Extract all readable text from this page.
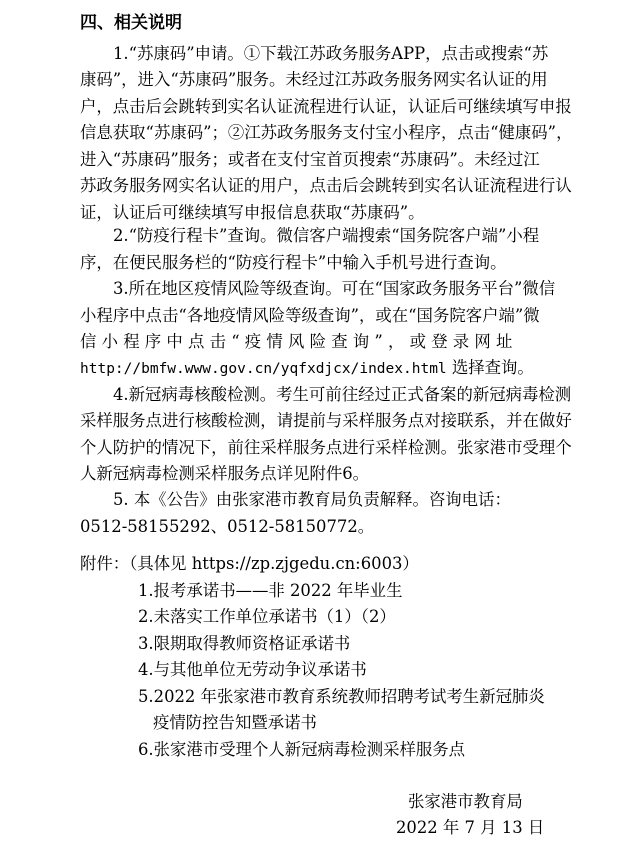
四、相关说明
1.“苏康码”申请。①下载江苏政务服务APP，点击或搜索“苏
康码”，进入“苏康码”服务。未经过江苏政务服务网实名认证的用
户，点击后会跳转到实名认证流程进行认证，认证后可继续填写申报
信息获取“苏康码”；②江苏政务服务支付宝小程序，点击“健康码”，
进入“苏康码”服务；或者在支付宝首页搜索“苏康码”。未经过江
苏政务服务网实名认证的用户，点击后会跳转到实名认证流程进行认
证，认证后可继续填写申报信息获取“苏康码”。
2.“防疫行程卡”查询。微信客户端搜索“国务院客户端”小程
序，在便民服务栏的“防疫行程卡”中输入手机号进行查询。
3.所在地区疫情风险等级查询。可在“国家政务服务平台”微信
小程序中点击“各地疫情风险等级查询”，或在“国务院客户端”微
信 小 程 序 中 点 击 “ 疫 情 风 险 查 询 ” ， 或 登 录 网 址
http://bmfw.www.gov.cn/yqfxdjcx/index.html 选择查询。
4.新冠病毒核酸检测。考生可前往经过正式备案的新冠病毒检测
采样服务点进行核酸检测，请提前与采样服务点对接联系，并在做好
个人防护的情况下，前往采样服务点进行采样检测。张家港市受理个
人新冠病毒检测采样服务点详见附件6。
5. 本《公告》由张家港市教育局负责解释。咨询电话：
0512-58155292、0512-58150772。
附件：（具体见 https://zp.zjgedu.cn:6003）
1.报考承诺书——非 2022 年毕业生
2.未落实工作单位承诺书（1）（2）
3.限期取得教师资格证承诺书
4.与其他单位无劳动争议承诺书
5.2022 年张家港市教育系统教师招聘考试考生新冠肺炎
疫情防控告知暨承诺书
6.张家港市受理个人新冠病毒检测采样服务点
张家港市教育局
2022 年 7 月 13 日
